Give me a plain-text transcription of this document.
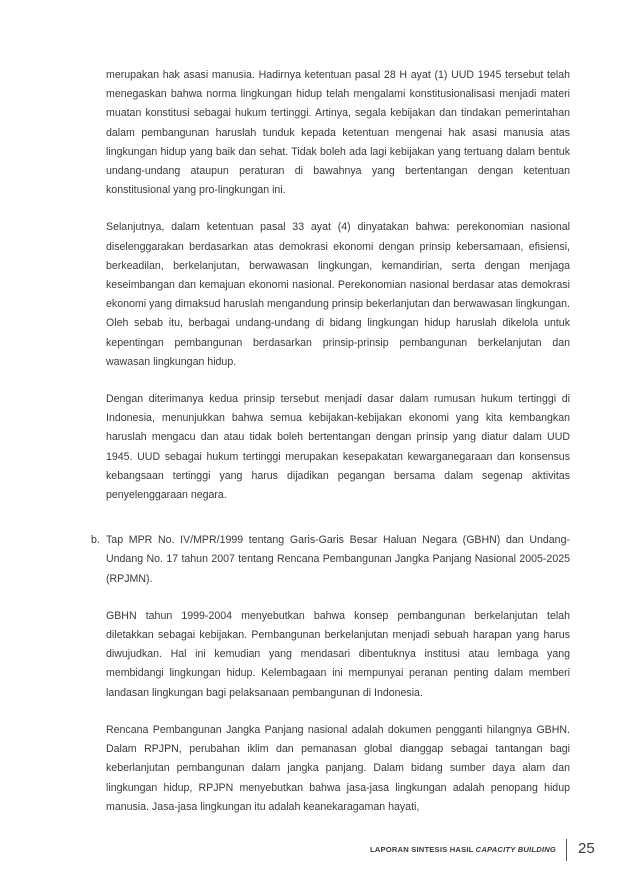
merupakan hak asasi manusia. Hadirnya ketentuan pasal 28 H ayat (1) UUD 1945 tersebut telah menegaskan bahwa norma lingkungan hidup telah mengalami konstitusionalisasi menjadi materi muatan konstitusi sebagai hukum tertinggi. Artinya, segala kebijakan dan tindakan pemerintahan dalam pembangunan haruslah tunduk kepada ketentuan mengenai hak asasi manusia atas lingkungan hidup yang baik dan sehat. Tidak boleh ada lagi kebijakan yang tertuang dalam bentuk undang-undang ataupun peraturan di bawahnya yang bertentangan dengan ketentuan konstitusional yang pro-lingkungan ini.

Selanjutnya, dalam ketentuan pasal 33 ayat (4) dinyatakan bahwa: perekonomian nasional diselenggarakan berdasarkan atas demokrasi ekonomi dengan prinsip kebersamaan, efisiensi, berkeadilan, berkelanjutan, berwawasan lingkungan, kemandirian, serta dengan menjaga keseimbangan dan kemajuan ekonomi nasional. Perekonomian nasional berdasar atas demokrasi ekonomi yang dimaksud haruslah mengandung prinsip bekerlanjutan dan berwawasan lingkungan. Oleh sebab itu, berbagai undang-undang di bidang lingkungan hidup haruslah dikelola untuk kepentingan pembangunan berdasarkan prinsip-prinsip pembangunan berkelanjutan dan wawasan lingkungan hidup.

Dengan diterimanya kedua prinsip tersebut menjadi dasar dalam rumusan hukum tertinggi di Indonesia, menunjukkan bahwa semua kebijakan-kebijakan ekonomi yang kita kembangkan haruslah mengacu dan atau tidak boleh bertentangan dengan prinsip yang diatur dalam UUD 1945. UUD sebagai hukum tertinggi merupakan kesepakatan kewarganegaraan dan konsensus kebangsaan tertinggi yang harus dijadikan pegangan bersama dalam segenap aktivitas penyelenggaraan negara.

b. Tap MPR No. IV/MPR/1999 tentang Garis-Garis Besar Haluan Negara (GBHN) dan Undang-Undang No. 17 tahun 2007 tentang Rencana Pembangunan Jangka Panjang Nasional 2005-2025 (RPJMN).

GBHN tahun 1999-2004 menyebutkan bahwa konsep pembangunan berkelanjutan telah diletakkan sebagai kebijakan. Pembangunan berkelanjutan menjadi sebuah harapan yang harus diwujudkan. Hal ini kemudian yang mendasari dibentuknya institusi atau lembaga yang membidangi lingkungan hidup. Kelembagaan ini mempunyai peranan penting dalam memberi landasan lingkungan bagi pelaksanaan pembangunan di Indonesia.

Rencana Pembangunan Jangka Panjang nasional adalah dokumen pengganti hilangnya GBHN. Dalam RPJPN, perubahan iklim dan pemanasan global dianggap sebagai tantangan bagi keberlanjutan pembangunan dalam jangka panjang. Dalam bidang sumber daya alam dan lingkungan hidup, RPJPN menyebutkan bahwa jasa-jasa lingkungan adalah penopang hidup manusia. Jasa-jasa lingkungan itu adalah keanekaragaman hayati,

LAPORAN SINTESIS HASIL CAPACITY BUILDING 25
